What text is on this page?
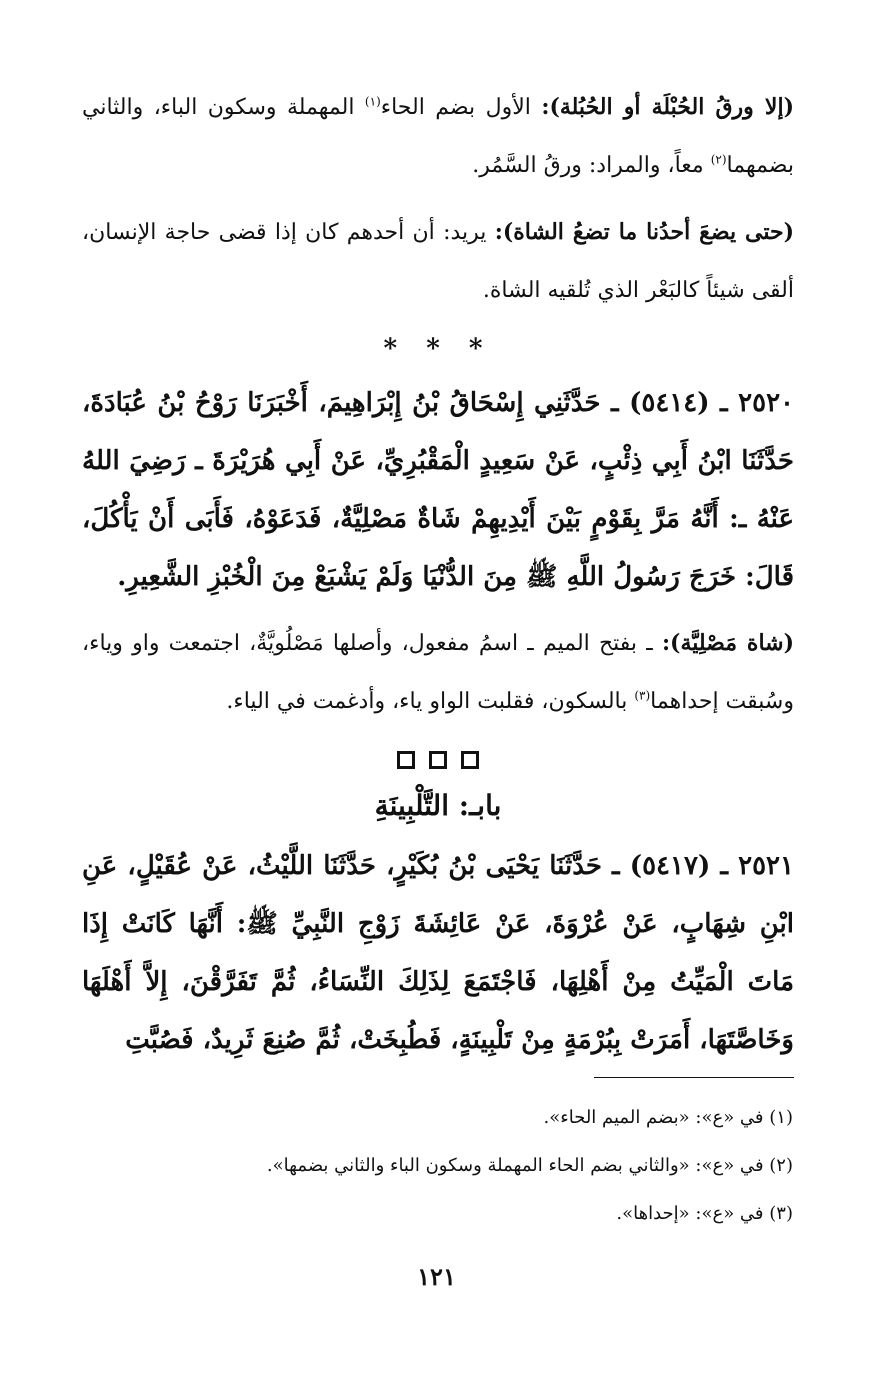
(إلا ورقُ الحُبْلَة أو الحُبُلة): الأول بضم الحاء$^{(١)}$ المهملة وسكون الباء، والثاني بضمهما$^{(٢)}$ معاً، والمراد: ورقُ السَّمُر.

(حتى يضعَ أحدُنا ما تضعُ الشاة): يريد: أن أحدهم كان إذا قضى حاجة الإنسان، ألقى شيئاً كالبَعْر الذي تُلقيه الشاة.

* * *

٢٥٢٠ ـ (٥٤١٤) ـ حَدَّثَنِي إِسْحَاقُ بْنُ إِبْرَاهِيمَ، أَخْبَرَنَا رَوْحُ بْنُ عُبَادَةَ، حَدَّثَنَا ابْنُ أَبِي ذِئْبٍ، عَنْ سَعِيدٍ الْمَقْبُرِيِّ، عَنْ أَبِي هُرَيْرَةَ ـ رَضِيَ اللهُ عَنْهُ ـ: أَنَّهُ مَرَّ بِقَوْمٍ بَيْنَ أَيْدِيهِمْ شَاةٌ مَصْلِيَّةٌ، فَدَعَوْهُ، فَأَبَى أَنْ يَأْكُلَ، قَالَ: خَرَجَ رَسُولُ اللَّهِ ﷺ مِنَ الدُّنْيَا وَلَمْ يَشْبَعْ مِنَ الْخُبْزِ الشَّعِيرِ.

(شاة مَصْلِيَّة): ـ بفتح الميم ـ اسمُ مفعول، وأصلها مَصْلُويَّةٌ، اجتمعت واو وياء، وسُبقت إحداهما$^{(٣)}$ بالسكون، فقلبت الواو ياء، وأدغمت في الياء.

بابـ: التَّلْبِينَةِ

٢٥٢١ ـ (٥٤١٧) ـ حَدَّثَنَا يَحْيَى بْنُ بُكَيْرٍ، حَدَّثَنَا اللَّيْثُ، عَنْ عُقَيْلٍ، عَنِ ابْنِ شِهَابٍ، عَنْ عُرْوَةَ، عَنْ عَائِشَةَ زَوْجِ النَّبِيِّ ﷺ: أَنَّهَا كَانَتْ إِذَا مَاتَ الْمَيِّتُ مِنْ أَهْلِهَا، فَاجْتَمَعَ لِذَلِكَ النِّسَاءُ، ثُمَّ تَفَرَّقْنَ، إِلاَّ أَهْلَهَا وَخَاصَّتَهَا، أَمَرَتْ بِبُرْمَةٍ مِنْ تَلْبِينَةٍ، فَطُبِخَتْ، ثُمَّ صُنِعَ ثَرِيدٌ، فَصُبَّتِ

(١) في «ع»: «بضم الميم الحاء».

(٢) في «ع»: «والثاني بضم الحاء المهملة وسكون الباء والثاني بضمها».

(٣) في «ع»: «إحداها».

١٢١
